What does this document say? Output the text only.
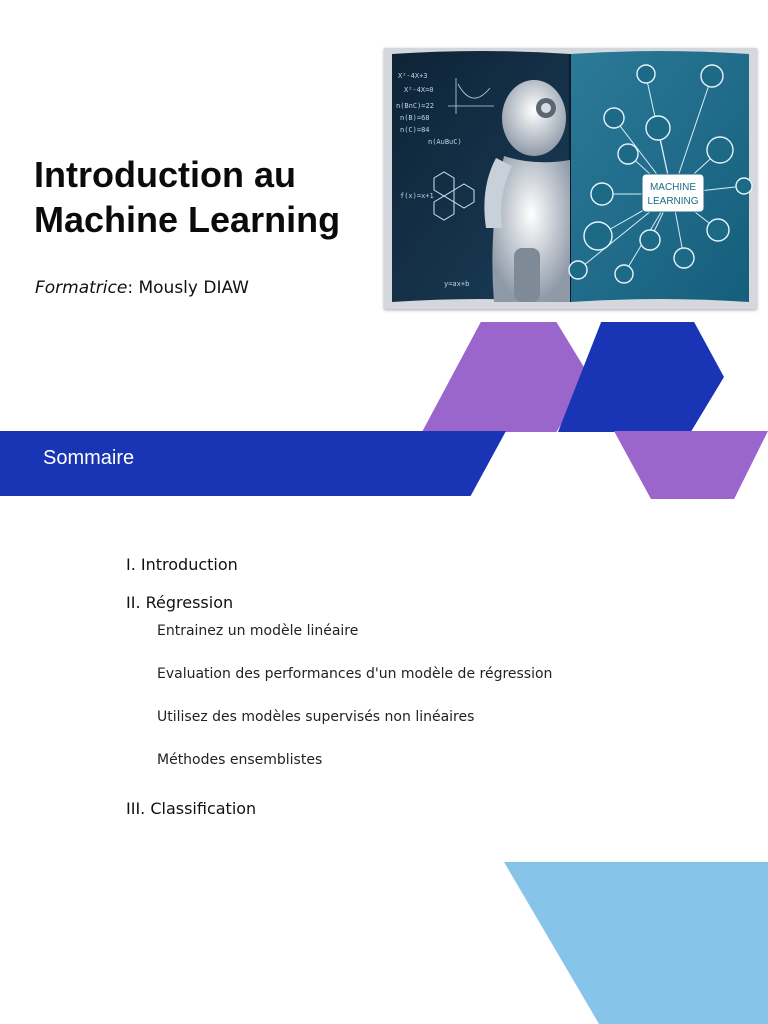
Introduction au
Machine Learning
Formatrice: Mously DIAW
X²-4X+3
X²-4X=0
n(B∩C)=22
n(B)=68
n(C)=84
n(A∪B∪C)
f(x)=x+1
y=ax+b
MACHINE
LEARNING
Sommaire
I. Introduction
II. Régression
Entrainez un modèle linéaire
Evaluation des performances d'un modèle de régression
Utilisez des modèles supervisés non linéaires
Méthodes ensemblistes
III. Classification
